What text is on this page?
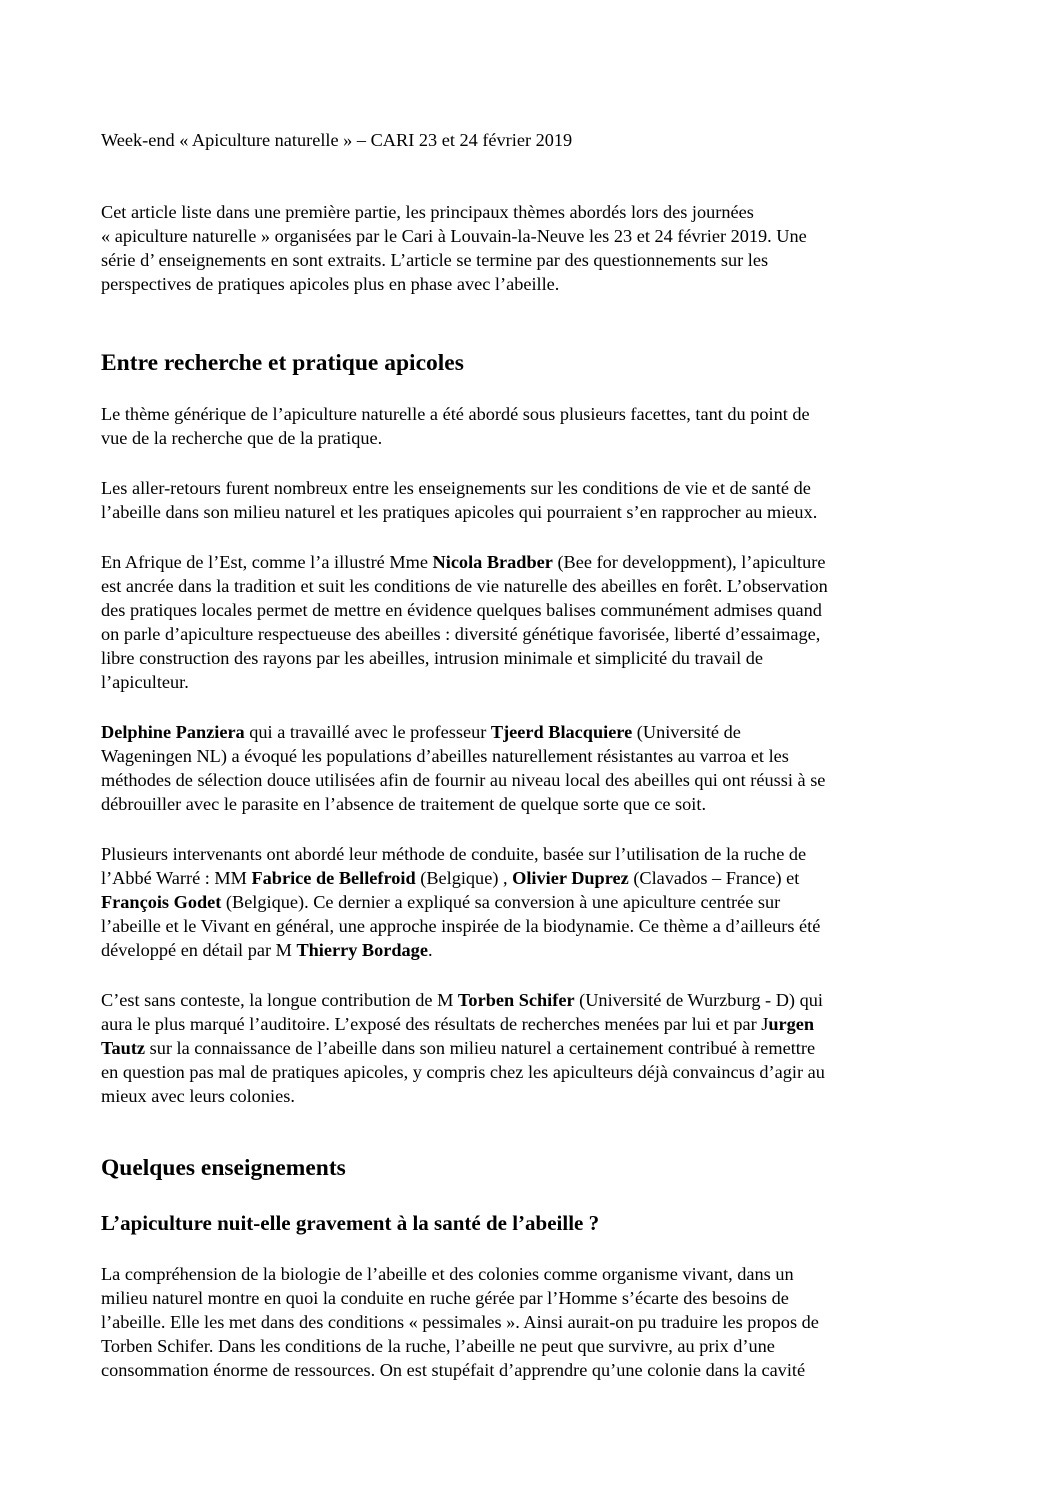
Week-end « Apiculture naturelle » – CARI 23 et 24 février 2019

Cet article liste dans une première partie, les principaux thèmes abordés lors des journées

« apiculture naturelle » organisées par le Cari à Louvain-la-Neuve les 23 et 24 février 2019. Une

série d’ enseignements en sont extraits. L’article se termine par des questionnements sur les

perspectives de pratiques apicoles plus en phase avec l’abeille.

Entre recherche et pratique apicoles

Le thème générique de l’apiculture naturelle a été abordé sous plusieurs facettes, tant du point de

vue de la recherche que de la pratique.

Les aller-retours furent nombreux entre les enseignements sur les conditions de vie et de santé de

l’abeille dans son milieu naturel et les pratiques apicoles qui pourraient s’en rapprocher au mieux.

En Afrique de l’Est, comme l’a illustré Mme Nicola Bradber (Bee for developpment), l’apiculture

est ancrée dans la tradition et suit les conditions de vie naturelle des abeilles en forêt. L’observation

des pratiques locales permet de mettre en évidence quelques balises communément admises quand

on parle d’apiculture respectueuse des abeilles : diversité génétique favorisée, liberté d’essaimage,

libre construction des rayons par les abeilles, intrusion minimale et simplicité du travail de

l’apiculteur.

Delphine Panziera qui a travaillé avec le professeur Tjeerd Blacquiere (Université de

Wageningen NL) a évoqué les populations d’abeilles naturellement résistantes au varroa et les

méthodes de sélection douce utilisées afin de fournir au niveau local des abeilles qui ont réussi à se

débrouiller avec le parasite en l’absence de traitement de quelque sorte que ce soit.

Plusieurs intervenants ont abordé leur méthode de conduite, basée sur l’utilisation de la ruche de

l’Abbé Warré : MM Fabrice de Bellefroid (Belgique) , Olivier Duprez (Clavados – France) et

François Godet (Belgique). Ce dernier a expliqué sa conversion à une apiculture centrée sur

l’abeille et le Vivant en général, une approche inspirée de la biodynamie. Ce thème a d’ailleurs été

développé en détail par M Thierry Bordage.

C’est sans conteste, la longue contribution de M Torben Schifer (Université de Wurzburg - D) qui

aura le plus marqué l’auditoire. L’exposé des résultats de recherches menées par lui et par Jurgen

Tautz sur la connaissance de l’abeille dans son milieu naturel a certainement contribué à remettre

en question pas mal de pratiques apicoles, y compris chez les apiculteurs déjà convaincus d’agir au

mieux avec leurs colonies.

Quelques enseignements
L’apiculture nuit-elle gravement à la santé de l’abeille ?

La compréhension de la biologie de l’abeille et des colonies comme organisme vivant, dans un

milieu naturel montre en quoi la conduite en ruche gérée par l’Homme s’écarte des besoins de

l’abeille. Elle les met dans des conditions « pessimales ». Ainsi aurait-on pu traduire les propos de

Torben Schifer. Dans les conditions de la ruche, l’abeille ne peut que survivre, au prix d’une

consommation énorme de ressources. On est stupéfait d’apprendre qu’une colonie dans la cavité
